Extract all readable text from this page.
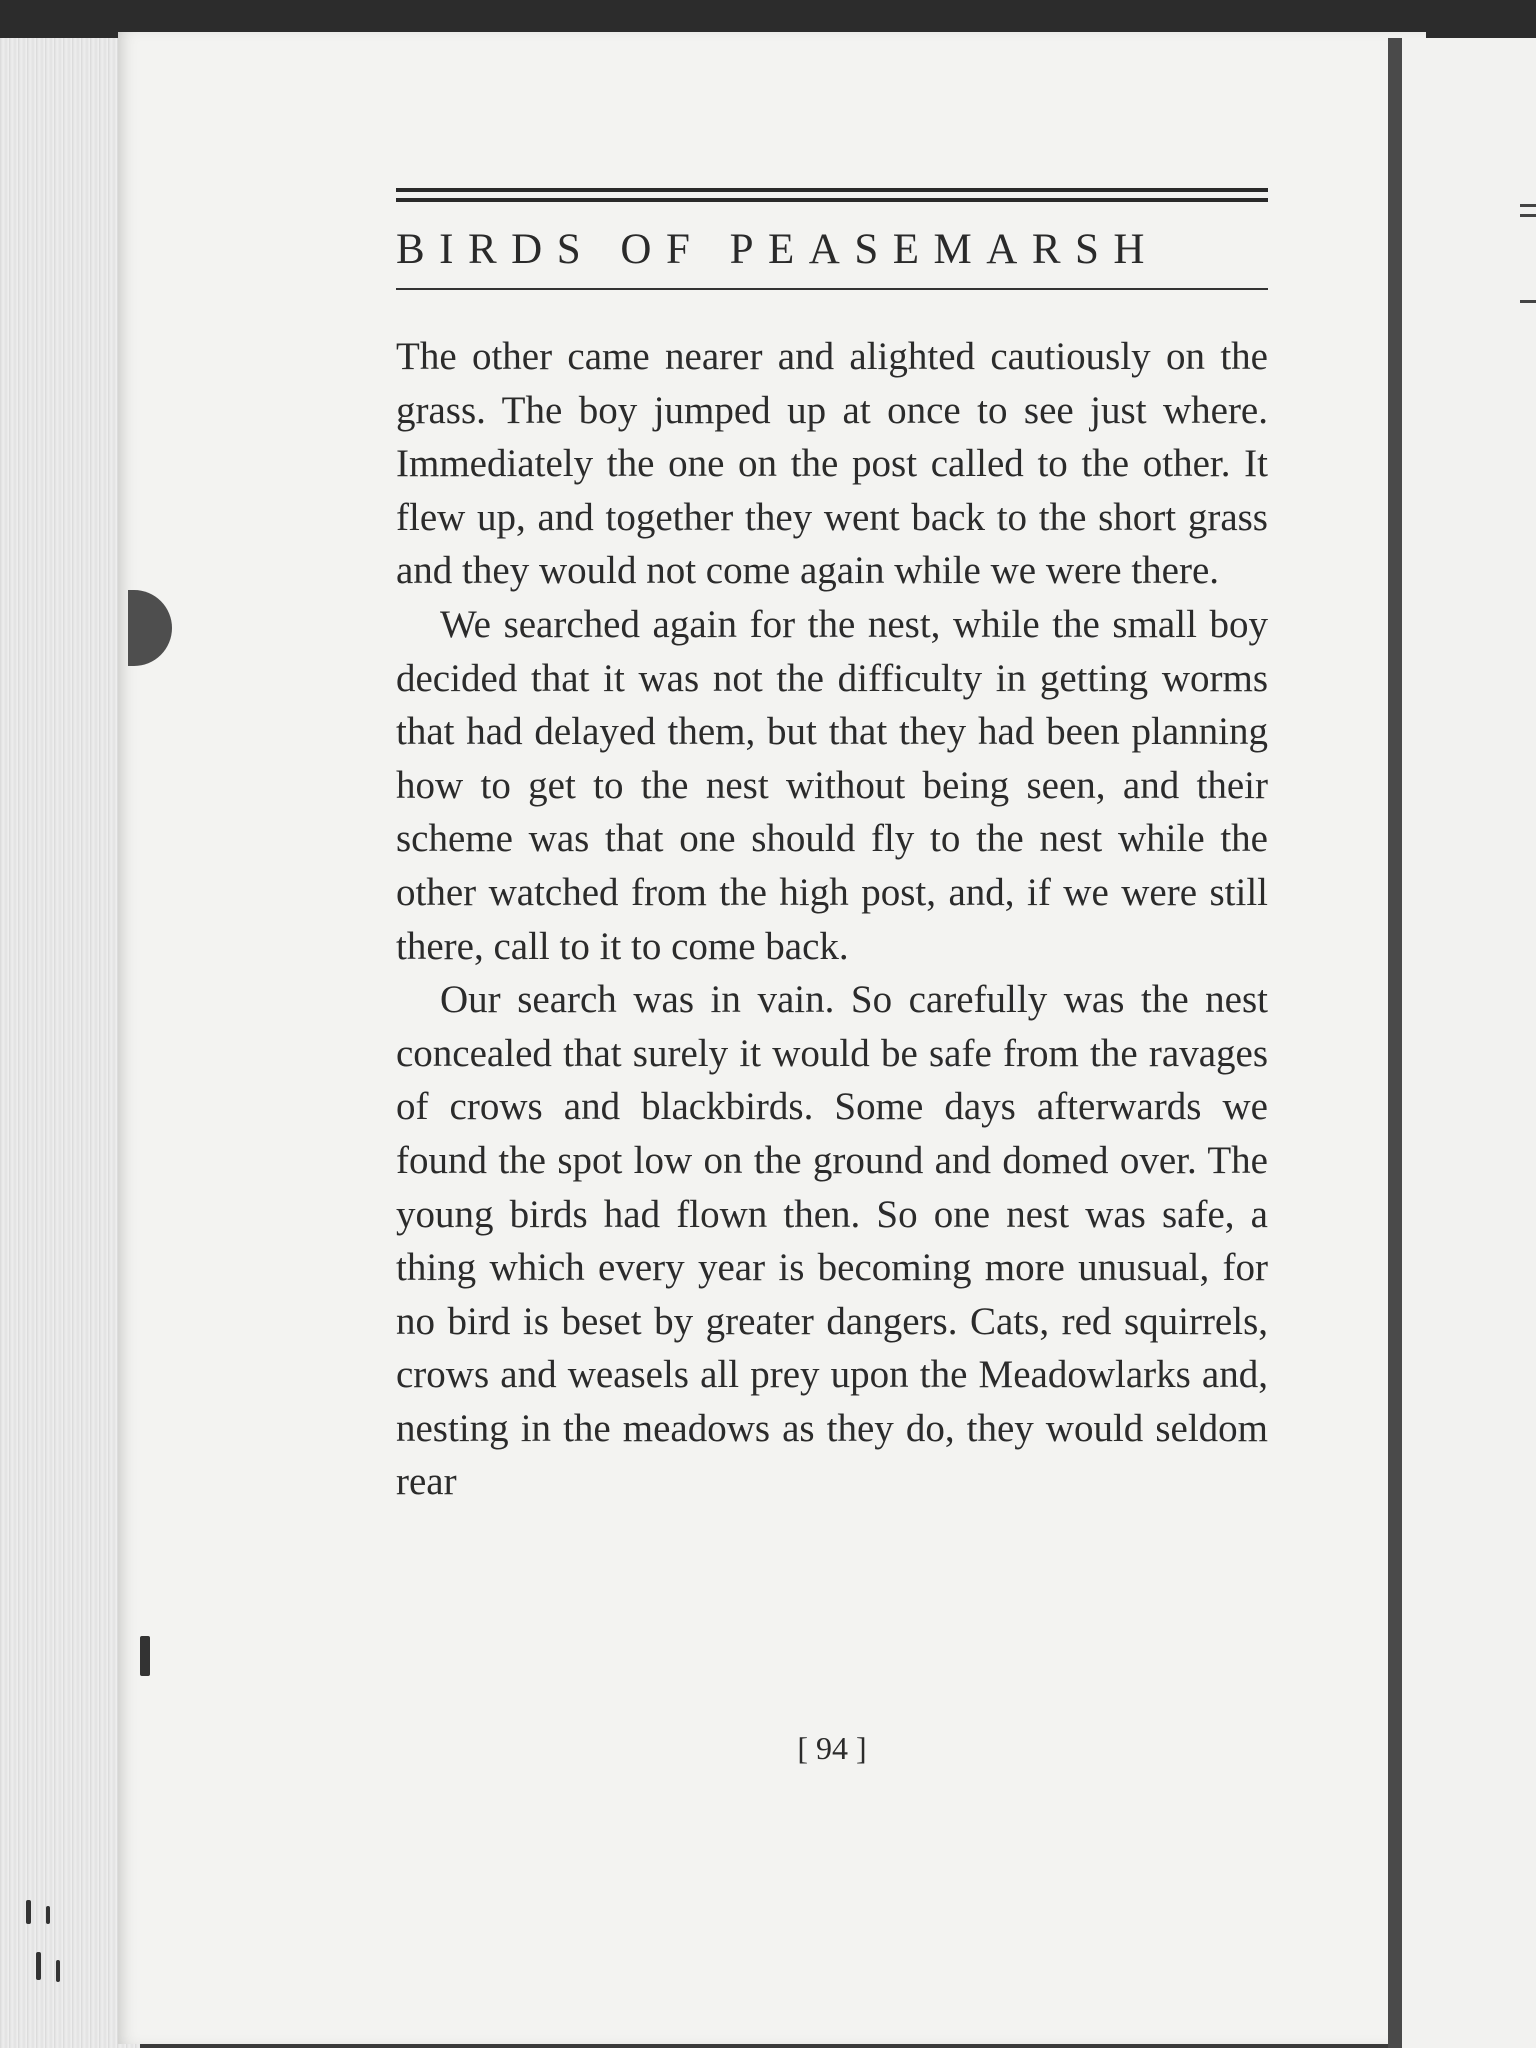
BIRDS OF PEASEMARSH

The other came nearer and alighted cautiously on the grass. The boy jumped up at once to see just where. Immediately the one on the post called to the other. It flew up, and together they went back to the short grass and they would not come again while we were there.

We searched again for the nest, while the small boy decided that it was not the difficulty in getting worms that had delayed them, but that they had been planning how to get to the nest without being seen, and their scheme was that one should fly to the nest while the other watched from the high post, and, if we were still there, call to it to come back.

Our search was in vain. So carefully was the nest concealed that surely it would be safe from the ravages of crows and blackbirds. Some days afterwards we found the spot low on the ground and domed over. The young birds had flown then. So one nest was safe, a thing which every year is becoming more unusual, for no bird is beset by greater dangers. Cats, red squirrels, crows and weasels all prey upon the Meadowlarks and, nesting in the meadows as they do, they would seldom rear

[ 94 ]
